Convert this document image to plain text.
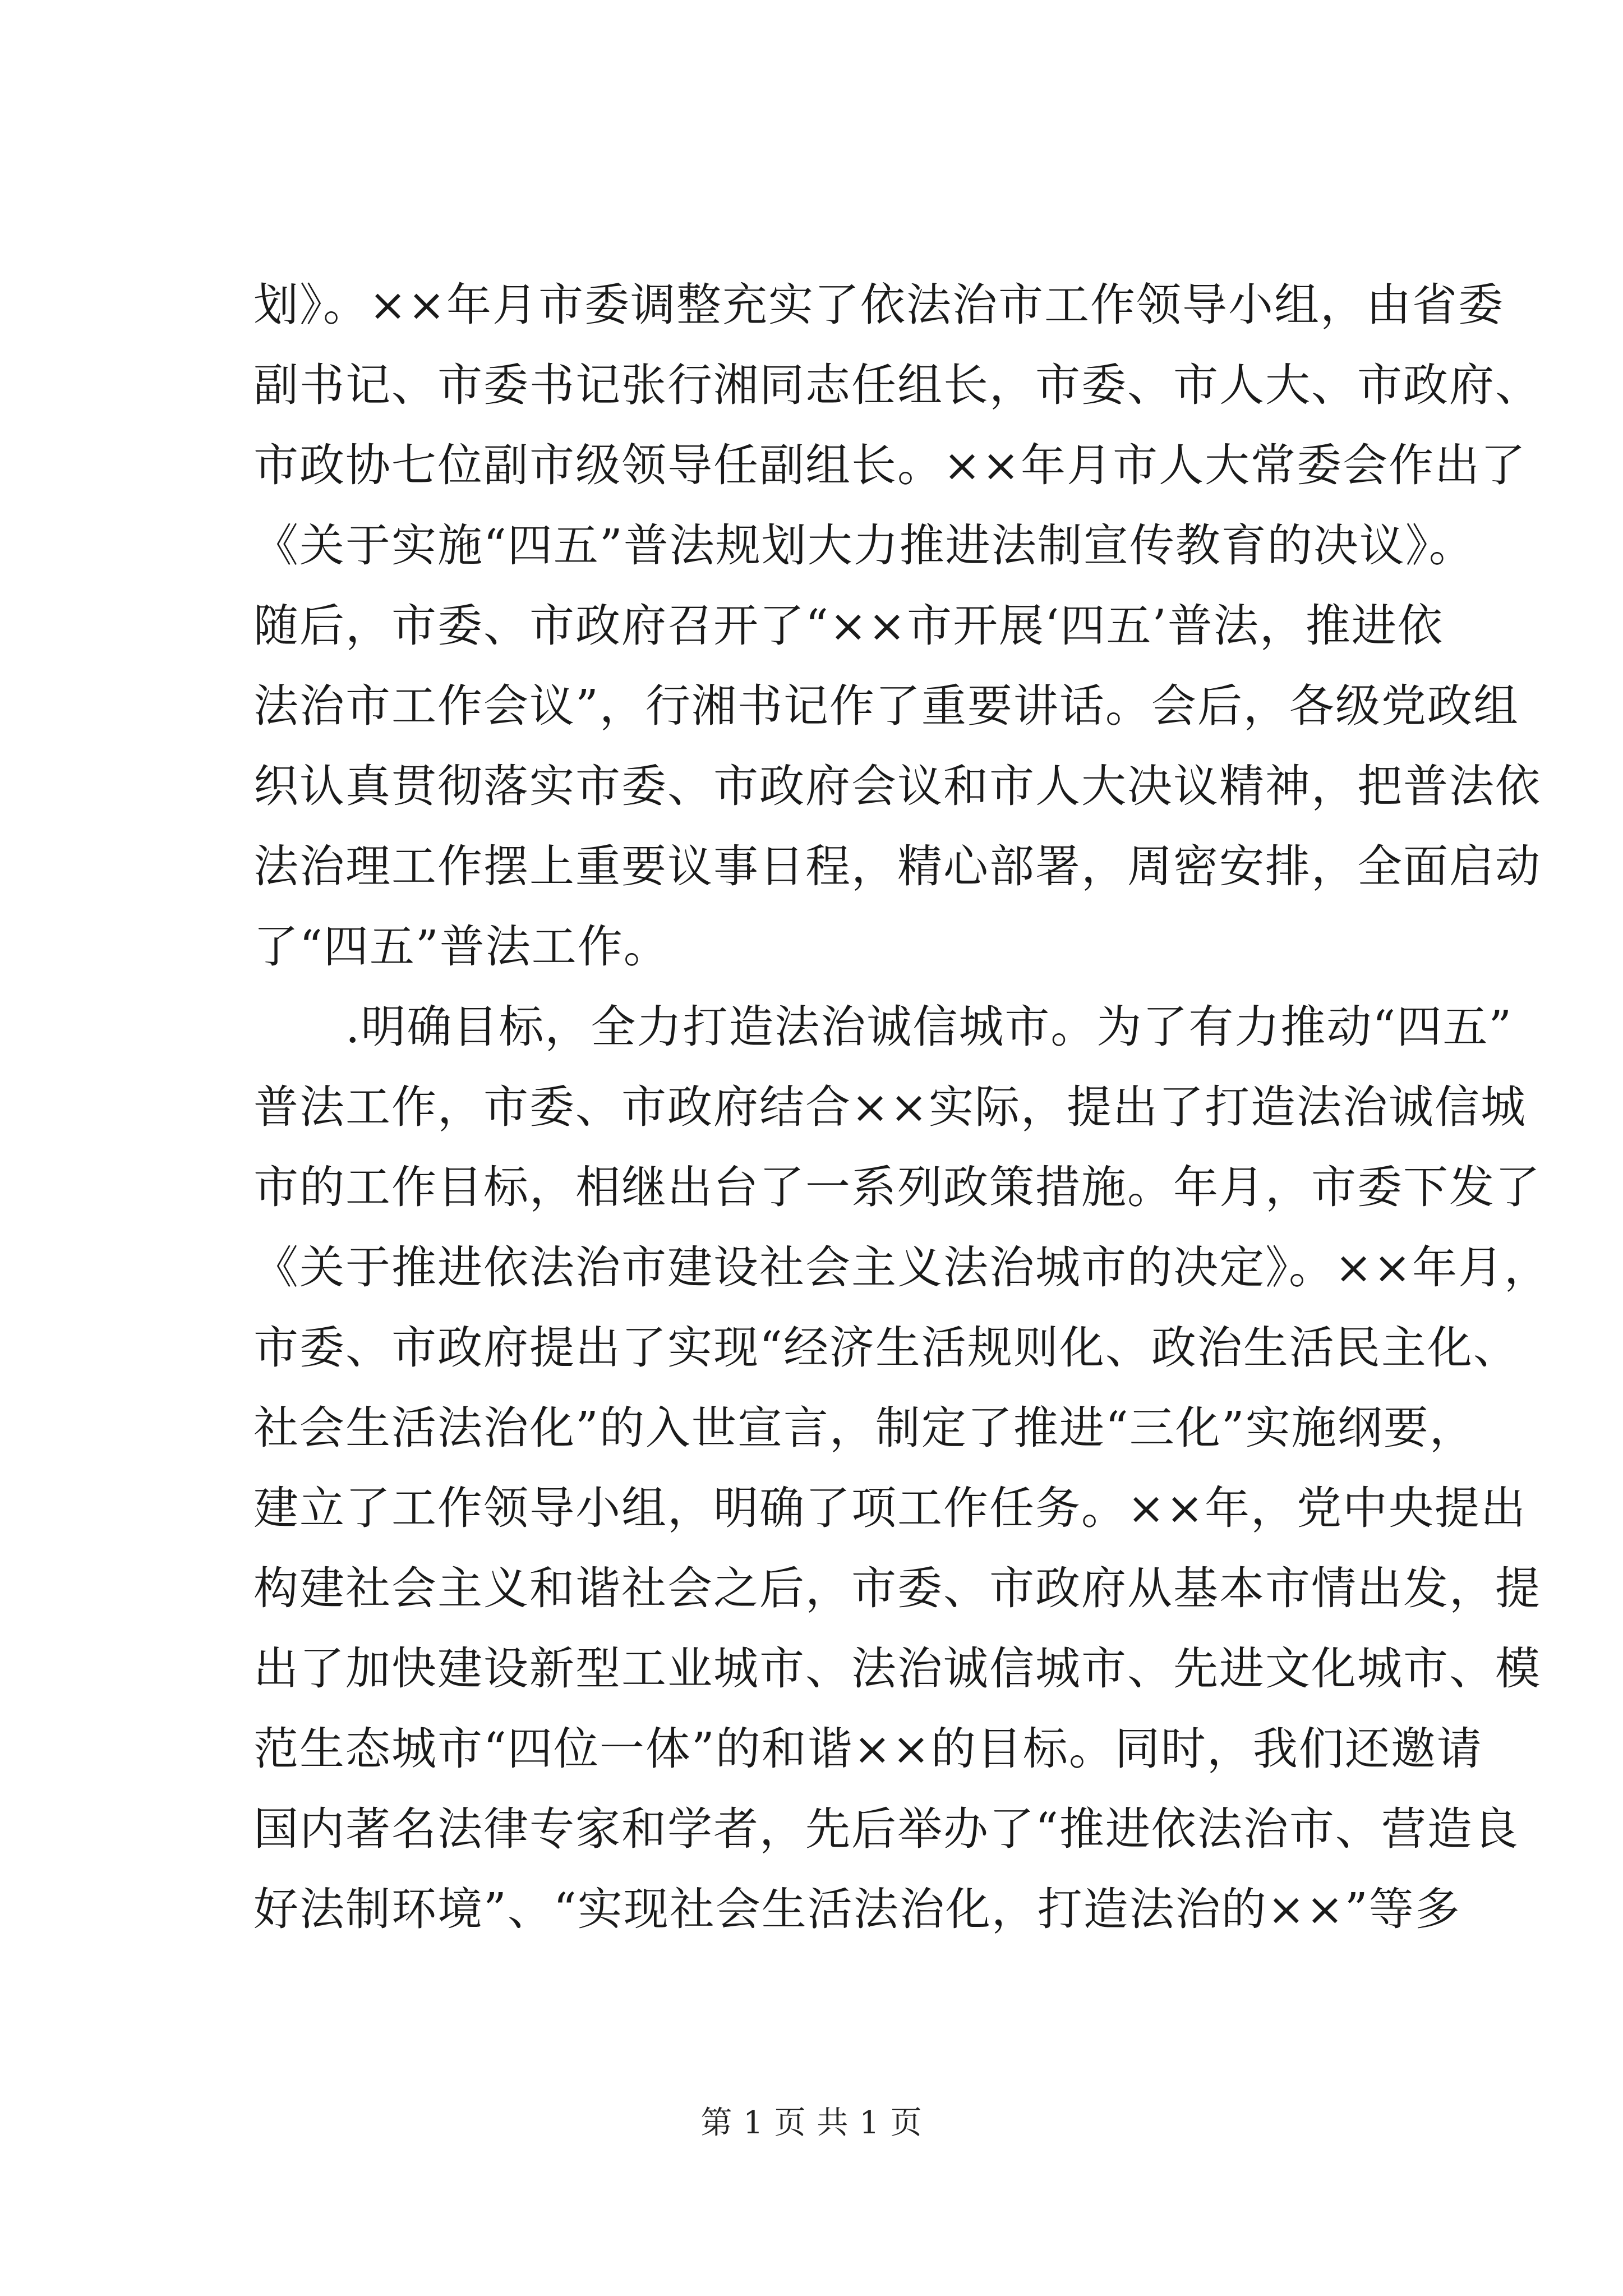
划》。××年月市委调整充实了依法治市工作领导小组，由省委
副书记、市委书记张行湘同志任组长，市委、市人大、市政府、
市政协七位副市级领导任副组长。××年月市人大常委会作出了
《关于实施“四五”普法规划大力推进法制宣传教育的决议》。
随后，市委、市政府召开了“××市开展‘四五’普法，推进依
法治市工作会议”，行湘书记作了重要讲话。会后，各级党政组
织认真贯彻落实市委、市政府会议和市人大决议精神，把普法依
法治理工作摆上重要议事日程，精心部署，周密安排，全面启动
了“四五”普法工作。
　　.明确目标，全力打造法治诚信城市。为了有力推动“四五”
普法工作，市委、市政府结合××实际，提出了打造法治诚信城
市的工作目标，相继出台了一系列政策措施。年月，市委下发了
《关于推进依法治市建设社会主义法治城市的决定》。××年月，
市委、市政府提出了实现“经济生活规则化、政治生活民主化、
社会生活法治化”的入世宣言，制定了推进“三化”实施纲要，
建立了工作领导小组，明确了项工作任务。××年，党中央提出
构建社会主义和谐社会之后，市委、市政府从基本市情出发，提
出了加快建设新型工业城市、法治诚信城市、先进文化城市、模
范生态城市“四位一体”的和谐××的目标。同时，我们还邀请
国内著名法律专家和学者，先后举办了“推进依法治市、营造良
好法制环境”、“实现社会生活法治化，打造法治的××”等多
第 1 页 共 1 页
